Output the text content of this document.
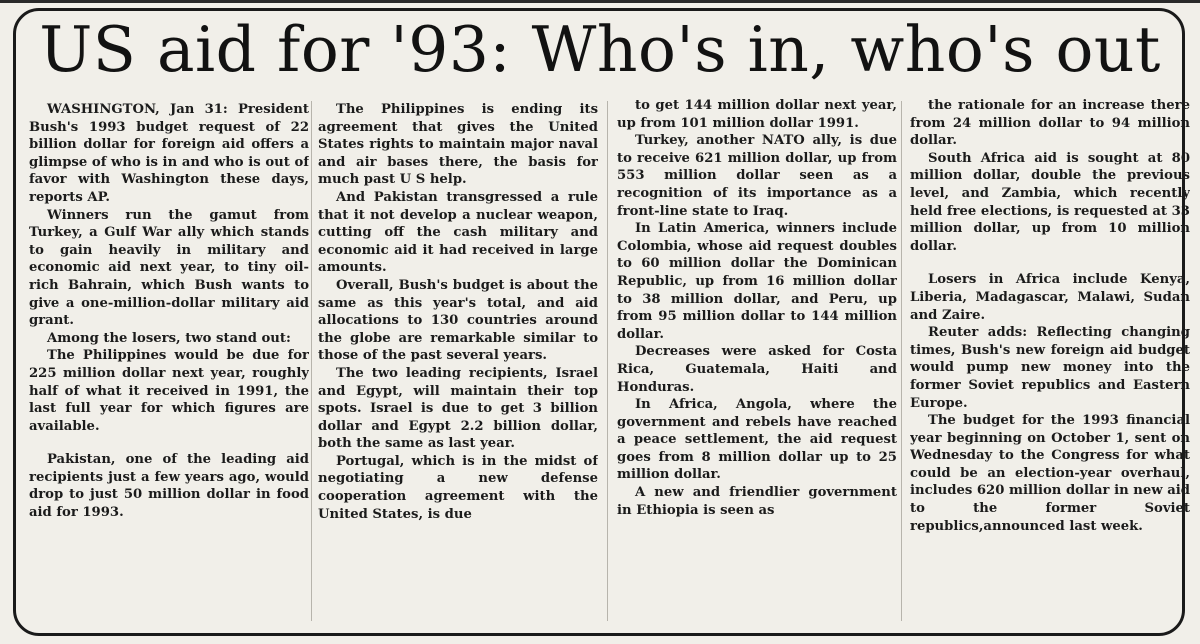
US aid for '93: Who's in, who's out

WASHINGTON, Jan 31: President Bush's 1993 budget request of 22 billion dollar for foreign aid offers a glimpse of who is in and who is out of favor with Washington these days, reports AP.

Winners run the gamut from Turkey, a Gulf War ally which stands to gain heavily in military and economic aid next year, to tiny oil-rich Bahrain, which Bush wants to give a one-million-dollar military aid grant.

Among the losers, two stand out:

The Philippines would be due for 225 million dollar next year, roughly half of what it received in 1991, the last full year for which figures are available.

Pakistan, one of the leading aid recipients just a few years ago, would drop to just 50 million dollar in food aid for 1993.

The Philippines is ending its agreement that gives the United States rights to maintain major naval and air bases there, the basis for much past U S help.

And Pakistan transgressed a rule that it not develop a nuclear weapon, cutting off the cash military and economic aid it had received in large amounts.

Overall, Bush's budget is about the same as this year's total, and aid allocations to 130 countries around the globe are remarkable similar to those of the past several years.

The two leading recipients, Israel and Egypt, will maintain their top spots. Israel is due to get 3 billion dollar and Egypt 2.2 billion dollar, both the same as last year.

Portugal, which is in the midst of negotiating a new defense cooperation agreement with the United States, is due

to get 144 million dollar next year, up from 101 million dollar 1991.

Turkey, another NATO ally, is due to receive 621 million dollar, up from 553 million dollar seen as a recognition of its importance as a front-line state to Iraq.

In Latin America, winners include Colombia, whose aid request doubles to 60 million dollar the Dominican Republic, up from 16 million dollar to 38 million dollar, and Peru, up from 95 million dollar to 144 million dollar.

Decreases were asked for Costa Rica, Guatemala, Haiti and Honduras.

In Africa, Angola, where the government and rebels have reached a peace settlement, the aid request goes from 8 million dollar up to 25 million dollar.

A new and friendlier government in Ethiopia is seen as

the rationale for an increase there from 24 million dollar to 94 million dollar.

South Africa aid is sought at 80 million dollar, double the previous level, and Zambia, which recently held free elections, is requested at 33 million dollar, up from 10 million dollar.

Losers in Africa include Kenya, Liberia, Madagascar, Malawi, Sudan and Zaire.

Reuter adds: Reflecting changing times, Bush's new foreign aid budget would pump new money into the former Soviet republics and Eastern Europe.

The budget for the 1993 financial year beginning on October 1, sent on Wednesday to the Congress for what could be an election-year overhaul, includes 620 million dollar in new aid to the former Soviet republics,announced last week.
